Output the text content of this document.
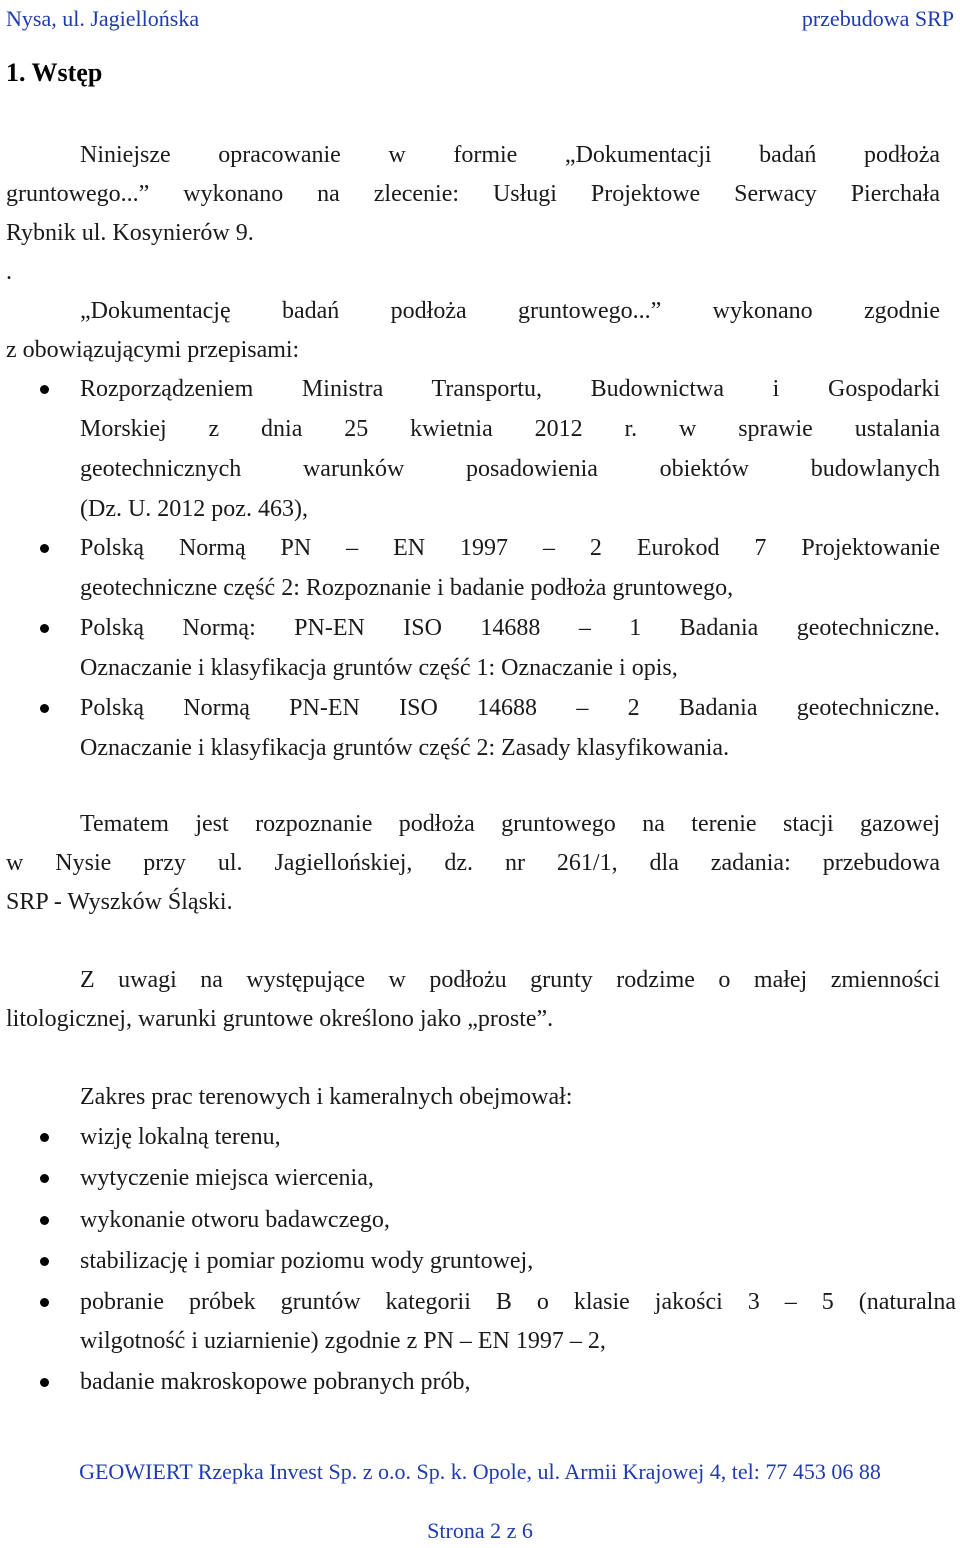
Nysa, ul. Jagiellońska	przebudowa SRP
1. Wstęp
Niniejsze opracowanie w formie „Dokumentacji badań podłoża
gruntowego...” wykonano na zlecenie: Usługi Projektowe Serwacy Pierchała
Rybnik ul. Kosynierów 9.
.
„Dokumentację badań podłoża gruntowego...” wykonano zgodnie
z obowiązującymi przepisami:
Rozporządzeniem Ministra Transportu, Budownictwa i Gospodarki
Morskiej z dnia 25 kwietnia 2012 r. w sprawie ustalania
geotechnicznych warunków posadowienia obiektów budowlanych
(Dz. U. 2012 poz. 463),
Polską Normą PN – EN 1997 – 2 Eurokod 7 Projektowanie
geotechniczne część 2: Rozpoznanie i badanie podłoża gruntowego,
Polską Normą: PN-EN ISO 14688 – 1 Badania geotechniczne.
Oznaczanie i klasyfikacja gruntów część 1: Oznaczanie i opis,
Polską Normą PN-EN ISO 14688 – 2 Badania geotechniczne.
Oznaczanie i klasyfikacja gruntów część 2: Zasady klasyfikowania.
Tematem jest rozpoznanie podłoża gruntowego na terenie stacji gazowej
w Nysie przy ul. Jagiellońskiej, dz. nr 261/1, dla zadania: przebudowa
SRP - Wyszków Śląski.
Z uwagi na występujące w podłożu grunty rodzime o małej zmienności
litologicznej, warunki gruntowe określono jako „proste”.
Zakres prac terenowych i kameralnych obejmował:
wizję lokalną terenu,
wytyczenie miejsca wiercenia,
wykonanie otworu badawczego,
stabilizację i pomiar poziomu wody gruntowej,
pobranie próbek gruntów kategorii B o klasie jakości 3 – 5 (naturalna
wilgotność i uziarnienie) zgodnie z PN – EN 1997 – 2,
badanie makroskopowe pobranych prób,
GEOWIERT Rzepka Invest Sp. z o.o. Sp. k. Opole, ul. Armii Krajowej 4, tel: 77 453 06 88
Strona 2 z 6
